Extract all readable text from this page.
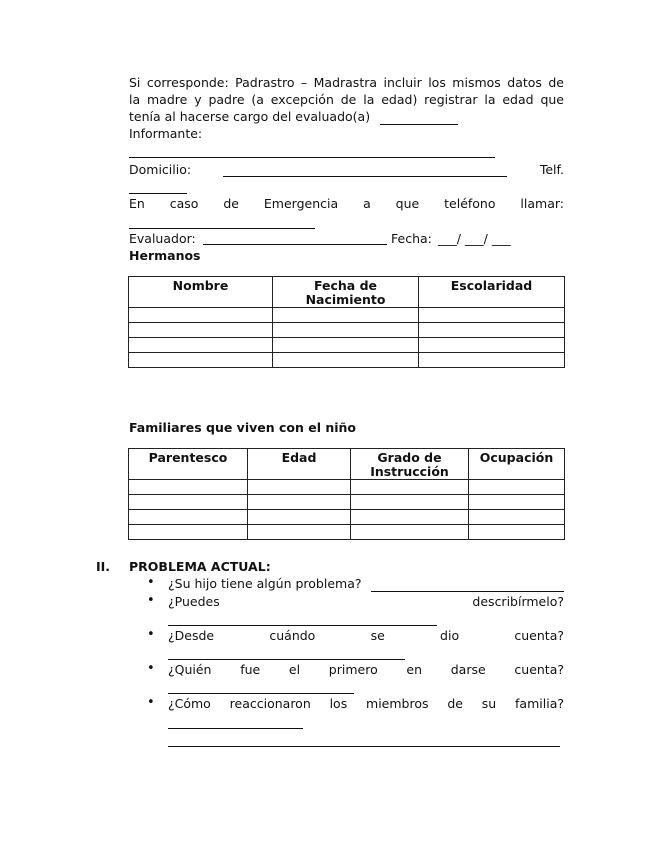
Si corresponde: Padrastro – Madrastra incluir los mismos datos de
la madre y padre (a excepción de la edad) registrar la edad que
tenía al hacerse cargo del evaluado(a)
Informante:
Domicilio:	Telf.
En caso de Emergencia a que teléfono llamar:
Evaluador:	Fecha: ___/ ___/ ___
Hermanos
Nombre	Fecha de Nacimiento	Escolaridad

Familiares que viven con el niño
Parentesco	Edad	Grado de Instrucción	Ocupación

II. PROBLEMA ACTUAL:
• ¿Su hijo tiene algún problema?
• ¿Puedes describírmelo?
• ¿Desde cuándo se dio cuenta?
• ¿Quién fue el primero en darse cuenta?
• ¿Cómo reaccionaron los miembros de su familia?
